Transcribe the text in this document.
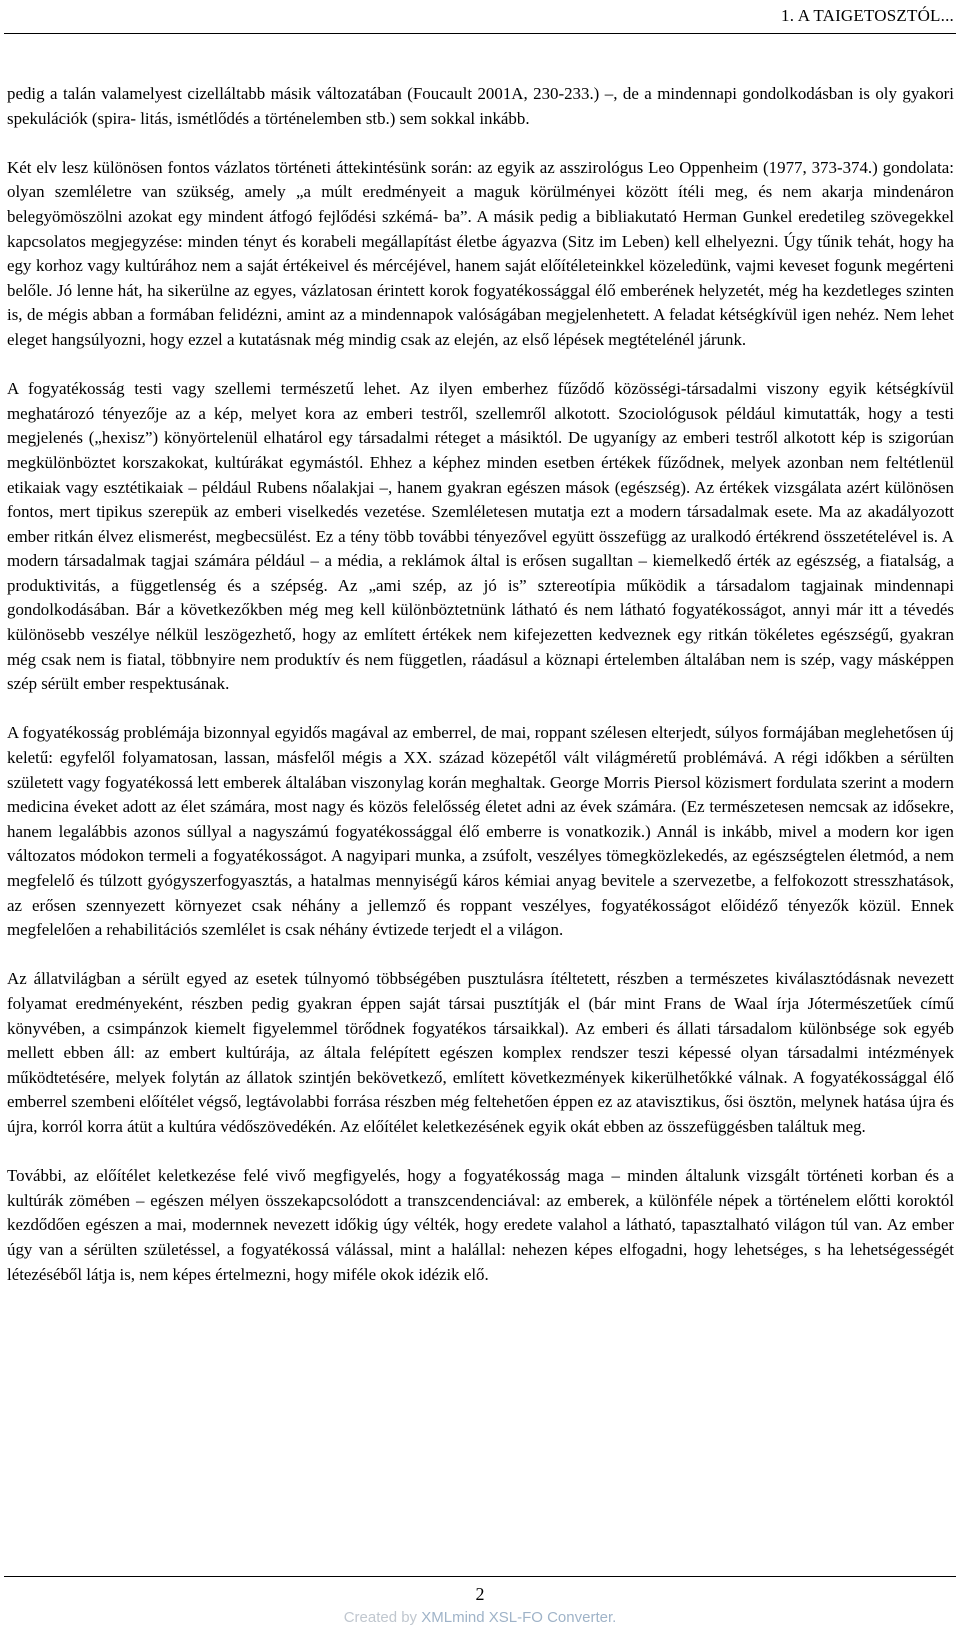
1. A TAIGETOSZTÓL...

pedig a talán valamelyest cizelláltabb másik változatában (Foucault 2001A, 230-233.) –, de a mindennapi gondolkodásban is oly gyakori spekulációk (spira- litás, ismétlődés a történelemben stb.) sem sokkal inkább.

Két elv lesz különösen fontos vázlatos történeti áttekintésünk során: az egyik az asszirológus Leo Oppenheim (1977, 373-374.) gondolata: olyan szemléletre van szükség, amely „a múlt eredményeit a maguk körülményei között ítéli meg, és nem akarja mindenáron belegyömöszölni azokat egy mindent átfogó fejlődési szkémá- ba”. A másik pedig a bibliakutató Herman Gunkel eredetileg szövegekkel kapcsolatos megjegyzése: minden tényt és korabeli megállapítást életbe ágyazva (Sitz im Leben) kell elhelyezni. Úgy tűnik tehát, hogy ha egy korhoz vagy kultúrához nem a saját értékeivel és mércéjével, hanem saját előítéleteinkkel közeledünk, vajmi keveset fogunk megérteni belőle. Jó lenne hát, ha sikerülne az egyes, vázlatosan érintett korok fogyatékossággal élő emberének helyzetét, még ha kezdetleges szinten is, de mégis abban a formában felidézni, amint az a mindennapok valóságában megjelenhetett. A feladat kétségkívül igen nehéz. Nem lehet eleget hangsúlyozni, hogy ezzel a kutatásnak még mindig csak az elején, az első lépések megtételénél járunk.

A fogyatékosság testi vagy szellemi természetű lehet. Az ilyen emberhez fűződő közösségi-társadalmi viszony egyik kétségkívül meghatározó tényezője az a kép, melyet kora az emberi testről, szellemről alkotott. Szociológusok például kimutatták, hogy a testi megjelenés („hexisz”) könyörtelenül elhatárol egy társadalmi réteget a másiktól. De ugyanígy az emberi testről alkotott kép is szigorúan megkülönböztet korszakokat, kultúrákat egymástól. Ehhez a képhez minden esetben értékek fűződnek, melyek azonban nem feltétlenül etikaiak vagy esztétikaiak – például Rubens nőalakjai –, hanem gyakran egészen mások (egészség). Az értékek vizsgálata azért különösen fontos, mert tipikus szerepük az emberi viselkedés vezetése. Szemléletesen mutatja ezt a modern társadalmak esete. Ma az akadályozott ember ritkán élvez elismerést, megbecsülést. Ez a tény több további tényezővel együtt összefügg az uralkodó értékrend összetételével is. A modern társadalmak tagjai számára például – a média, a reklámok által is erősen sugalltan – kiemelkedő érték az egészség, a fiatalság, a produktivitás, a függetlenség és a szépség. Az „ami szép, az jó is” sztereotípia működik a társadalom tagjainak mindennapi gondolkodásában. Bár a következőkben még meg kell különböztetnünk látható és nem látható fogyatékosságot, annyi már itt a tévedés különösebb veszélye nélkül leszögezhető, hogy az említett értékek nem kifejezetten kedveznek egy ritkán tökéletes egészségű, gyakran még csak nem is fiatal, többnyire nem produktív és nem független, ráadásul a köznapi értelemben általában nem is szép, vagy másképpen szép sérült ember respektusának.

A fogyatékosság problémája bizonnyal egyidős magával az emberrel, de mai, roppant szélesen elterjedt, súlyos formájában meglehetősen új keletű: egyfelől folyamatosan, lassan, másfelől mégis a XX. század közepétől vált világméretű problémává. A régi időkben a sérülten született vagy fogyatékossá lett emberek általában viszonylag korán meghaltak. George Morris Piersol közismert fordulata szerint a modern medicina éveket adott az élet számára, most nagy és közös felelősség életet adni az évek számára. (Ez természetesen nemcsak az idősekre, hanem legalábbis azonos súllyal a nagyszámú fogyatékossággal élő emberre is vonatkozik.) Annál is inkább, mivel a modern kor igen változatos módokon termeli a fogyatékosságot. A nagyipari munka, a zsúfolt, veszélyes tömegközlekedés, az egészségtelen életmód, a nem megfelelő és túlzott gyógyszerfogyasztás, a hatalmas mennyiségű káros kémiai anyag bevitele a szervezetbe, a felfokozott stresszhatások, az erősen szennyezett környezet csak néhány a jellemző és roppant veszélyes, fogyatékosságot előidéző tényezők közül. Ennek megfelelően a rehabilitációs szemlélet is csak néhány évtizede terjedt el a világon.

Az állatvilágban a sérült egyed az esetek túlnyomó többségében pusztulásra ítéltetett, részben a természetes kiválasztódásnak nevezett folyamat eredményeként, részben pedig gyakran éppen saját társai pusztítják el (bár mint Frans de Waal írja Jótermészetűek című könyvében, a csimpánzok kiemelt figyelemmel törődnek fogyatékos társaikkal). Az emberi és állati társadalom különbsége sok egyéb mellett ebben áll: az embert kultúrája, az általa felépített egészen komplex rendszer teszi képessé olyan társadalmi intézmények működtetésére, melyek folytán az állatok szintjén bekövetkező, említett következmények kikerülhetőkké válnak. A fogyatékossággal élő emberrel szembeni előítélet végső, legtávolabbi forrása részben még feltehetően éppen ez az atavisztikus, ősi ösztön, melynek hatása újra és újra, korról korra átüt a kultúra védőszövedékén. Az előítélet keletkezésének egyik okát ebben az összefüggésben találtuk meg.

További, az előítélet keletkezése felé vivő megfigyelés, hogy a fogyatékosság maga – minden általunk vizsgált történeti korban és a kultúrák zömében – egészen mélyen összekapcsolódott a transzcendenciával: az emberek, a különféle népek a történelem előtti koroktól kezdődően egészen a mai, modernnek nevezett időkig úgy vélték, hogy eredete valahol a látható, tapasztalható világon túl van. Az ember úgy van a sérülten születéssel, a fogyatékossá válással, mint a halállal: nehezen képes elfogadni, hogy lehetséges, s ha lehetségességét létezéséből látja is, nem képes értelmezni, hogy miféle okok idézik elő.

2
Created by XMLmind XSL-FO Converter.
